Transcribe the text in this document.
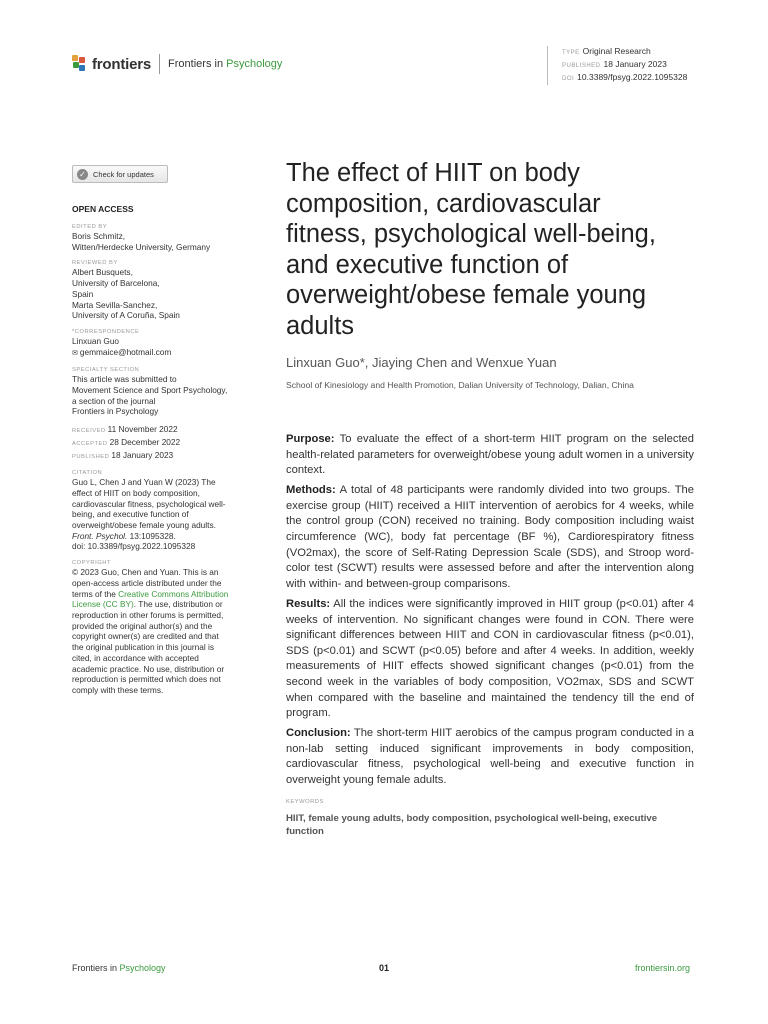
frontiers Frontiers in Psychology
TYPE Original Research
PUBLISHED 18 January 2023
DOI 10.3389/fpsyg.2022.1095328
✓ Check for updates
OPEN ACCESS
EDITED BY
Boris Schmitz,
Witten/Herdecke University, Germany
REVIEWED BY
Albert Busquets,
University of Barcelona,
Spain
Marta Sevilla-Sanchez,
University of A Coruña, Spain
*CORRESPONDENCE
Linxuan Guo
✉ gemmaice@hotmail.com
SPECIALTY SECTION
This article was submitted to
Movement Science and Sport Psychology,
a section of the journal
Frontiers in Psychology
RECEIVED 11 November 2022
ACCEPTED 28 December 2022
PUBLISHED 18 January 2023
CITATION
Guo L, Chen J and Yuan W (2023) The
effect of HIIT on body composition,
cardiovascular fitness, psychological well-
being, and executive function of
overweight/obese female young adults.
Front. Psychol. 13:1095328.
doi: 10.3389/fpsyg.2022.1095328
COPYRIGHT
© 2023 Guo, Chen and Yuan. This is an
open-access article distributed under the
terms of the Creative Commons Attribution
License (CC BY). The use, distribution or
reproduction in other forums is permitted,
provided the original author(s) and the
copyright owner(s) are credited and that
the original publication in this journal is
cited, in accordance with accepted
academic practice. No use, distribution or
reproduction is permitted which does not
comply with these terms.
The effect of HIIT on body
composition, cardiovascular
fitness, psychological well-being,
and executive function of
overweight/obese female young
adults
Linxuan Guo*, Jiaying Chen and Wenxue Yuan
School of Kinesiology and Health Promotion, Dalian University of Technology, Dalian, China

Purpose: To evaluate the effect of a short-term HIIT program on the selected health-related parameters for overweight/obese young adult women in a university context.

Methods: A total of 48 participants were randomly divided into two groups. The exercise group (HIIT) received a HIIT intervention of aerobics for 4 weeks, while the control group (CON) received no training. Body composition including waist circumference (WC), body fat percentage (BF %), Cardiorespiratory fitness (VO2max), the score of Self-Rating Depression Scale (SDS), and Stroop word-color test (SCWT) results were assessed before and after the intervention along with within- and between-group comparisons.

Results: All the indices were significantly improved in HIIT group (p<0.01) after 4 weeks of intervention. No significant changes were found in CON. There were significant differences between HIIT and CON in cardiovascular fitness (p<0.01), SDS (p<0.01) and SCWT (p<0.05) before and after 4 weeks. In addition, weekly measurements of HIIT effects showed significant changes (p<0.01) from the second week in the variables of body composition, VO2max, SDS and SCWT when compared with the baseline and maintained the tendency till the end of program.

Conclusion: The short-term HIIT aerobics of the campus program conducted in a non-lab setting induced significant improvements in body composition, cardiovascular fitness, psychological well-being and executive function in overweight young female adults.

KEYWORDS
HIIT, female young adults, body composition, psychological well-being, executive function
Frontiers in Psychology	01	frontiersin.org
